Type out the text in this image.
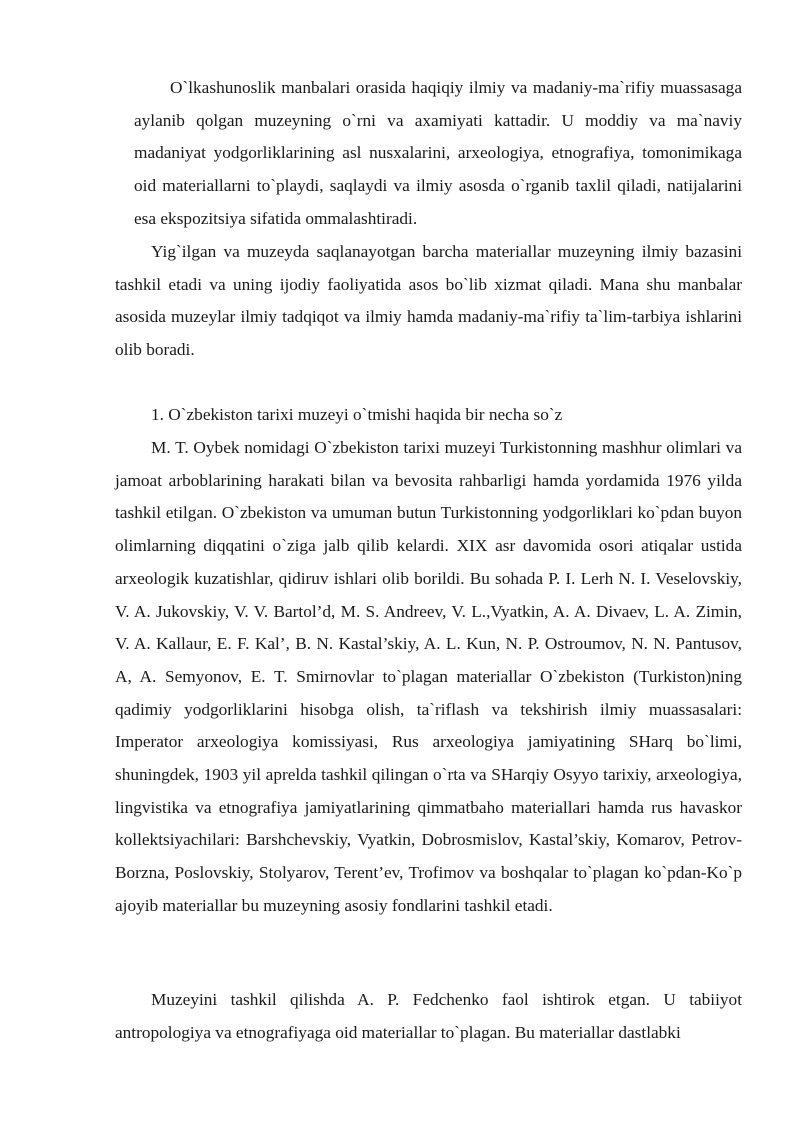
O`lkashunoslik manbalari orasida haqiqiy ilmiy va madaniy-ma`rifiy muassasaga aylanib qolgan muzeyning o`rni va axamiyati kattadir. U moddiy va ma`naviy madaniyat yodgorliklarining asl nusxalarini, arxeologiya, etnografiya, tomonimikaga oid materiallarni to`playdi, saqlaydi va ilmiy asosda o`rganib taxlil qiladi, natijalarini esa ekspozitsiya sifatida ommalashtiradi.

Yig`ilgan va muzeyda saqlanayotgan barcha materiallar muzeyning ilmiy bazasini tashkil etadi va uning ijodiy faoliyatida asos bo`lib xizmat qiladi. Mana shu manbalar asosida muzeylar ilmiy tadqiqot va ilmiy hamda madaniy-ma`rifiy ta`lim-tarbiya ishlarini olib boradi.

1. O`zbekiston tarixi muzeyi o`tmishi haqida bir necha so`z

M. T. Oybek nomidagi O`zbekiston tarixi muzeyi Turkistonning mashhur olimlari va jamoat arboblarining harakati bilan va bevosita rahbarligi hamda yordamida 1976 yilda tashkil etilgan. O`zbekiston va umuman butun Turkistonning yodgorliklari ko`pdan buyon olimlarning diqqatini o`ziga jalb qilib kelardi. XIX asr davomida osori atiqalar ustida arxeologik kuzatishlar, qidiruv ishlari olib borildi. Bu sohada P. I. Lerh N. I. Veselovskiy, V. A. Jukovskiy, V. V. Bartol’d, M. S. Andreev, V. L.,Vyatkin, A. A. Divaev, L. A. Zimin, V. A. Kallaur, E. F. Kal’, B. N. Kastal’skiy, A. L. Kun, N. P. Ostroumov, N. N. Pantusov, A, A. Semyonov, E. T. Smirnovlar to`plagan materiallar O`zbekiston (Turkiston)ning qadimiy yodgorliklarini hisobga olish, ta`riflash va tekshirish ilmiy muassasalari: Imperator arxeologiya komissiyasi, Rus arxeologiya jamiyatining SHarq bo`limi, shuningdek, 1903 yil aprelda tashkil qilingan o`rta va SHarqiy Osyyo tarixiy, arxeologiya, lingvistika va etnografiya jamiyatlarining qimmatbaho materiallari hamda rus havaskor kollektsiyachilari: Barshchevskiy, Vyatkin, Dobrosmislov, Kastal’skiy, Komarov, Petrov-Borzna, Poslovskiy, Stolyarov, Terent’ev, Trofimov va boshqalar to`plagan ko`pdan-Ko`p ajoyib materiallar bu muzeyning asosiy fondlarini tashkil etadi.

Muzeyini tashkil qilishda A. P. Fedchenko faol ishtirok etgan. U tabiiyot antropologiya va etnografiyaga oid materiallar to`plagan. Bu materiallar dastlabki
